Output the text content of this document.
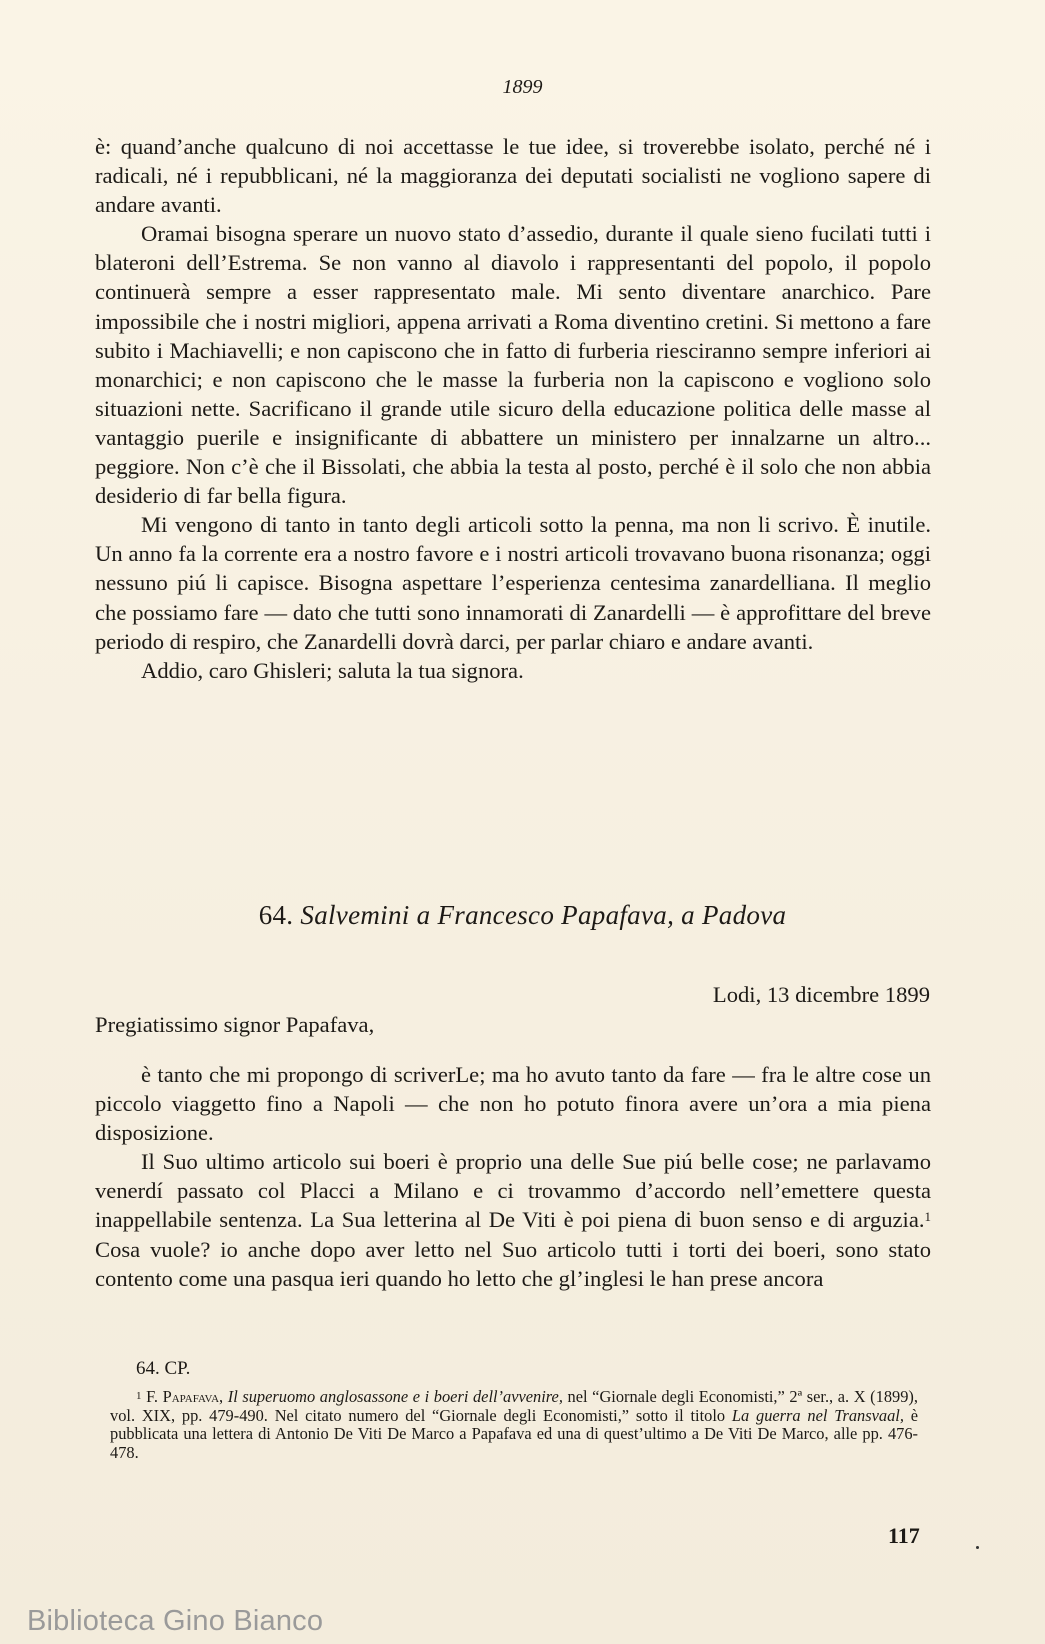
1899

è: quand’anche qualcuno di noi accettasse le tue idee, si troverebbe isolato, perché né i radicali, né i repubblicani, né la maggioranza dei deputati socialisti ne vogliono sapere di andare avanti.

Oramai bisogna sperare un nuovo stato d’assedio, durante il quale sieno fucilati tutti i blateroni dell’Estrema. Se non vanno al diavolo i rappresentanti del popolo, il popolo continuerà sempre a esser rappresentato male. Mi sento diventare anarchico. Pare impossibile che i nostri migliori, appena arrivati a Roma diventino cretini. Si mettono a fare subito i Machiavelli; e non capiscono che in fatto di furberia riesciranno sempre inferiori ai monarchici; e non capiscono che le masse la furberia non la capiscono e vogliono solo situazioni nette. Sacrificano il grande utile sicuro della educazione politica delle masse al vantaggio puerile e insignificante di abbattere un ministero per innalzarne un altro... peggiore. Non c’è che il Bissolati, che abbia la testa al posto, perché è il solo che non abbia desiderio di far bella figura.

Mi vengono di tanto in tanto degli articoli sotto la penna, ma non li scrivo. È inutile. Un anno fa la corrente era a nostro favore e i nostri articoli trovavano buona risonanza; oggi nessuno piú li capisce. Bisogna aspettare l’esperienza centesima zanardelliana. Il meglio che possiamo fare — dato che tutti sono innamorati di Zanardelli — è approfittare del breve periodo di respiro, che Zanardelli dovrà darci, per parlar chiaro e andare avanti.

Addio, caro Ghisleri; saluta la tua signora.

64. Salvemini a Francesco Papafava, a Padova
Lodi, 13 dicembre 1899
Pregiatissimo signor Papafava,

è tanto che mi propongo di scriverLe; ma ho avuto tanto da fare — fra le altre cose un piccolo viaggetto fino a Napoli — che non ho potuto finora avere un’ora a mia piena disposizione.

Il Suo ultimo articolo sui boeri è proprio una delle Sue piú belle cose; ne parlavamo venerdí passato col Placci a Milano e ci trovammo d’accordo nell’emettere questa inappellabile sentenza. La Sua letterina al De Viti è poi piena di buon senso e di arguzia.$^1$ Cosa vuole? io anche dopo aver letto nel Suo articolo tutti i torti dei boeri, sono stato contento come una pasqua ieri quando ho letto che gl’inglesi le han prese ancora

64. CP.

$^1$ F. Papafava, Il superuomo anglosassone e i boeri dell’avvenire, nel “Giornale degli Economisti,” 2ª ser., a. X (1899), vol. XIX, pp. 479-490. Nel citato numero del “Giornale degli Economisti,” sotto il titolo La guerra nel Transvaal, è pubblicata una lettera di Antonio De Viti De Marco a Papafava ed una di quest’ultimo a De Viti De Marco, alle pp. 476-478.

117
Biblioteca Gino Bianco
